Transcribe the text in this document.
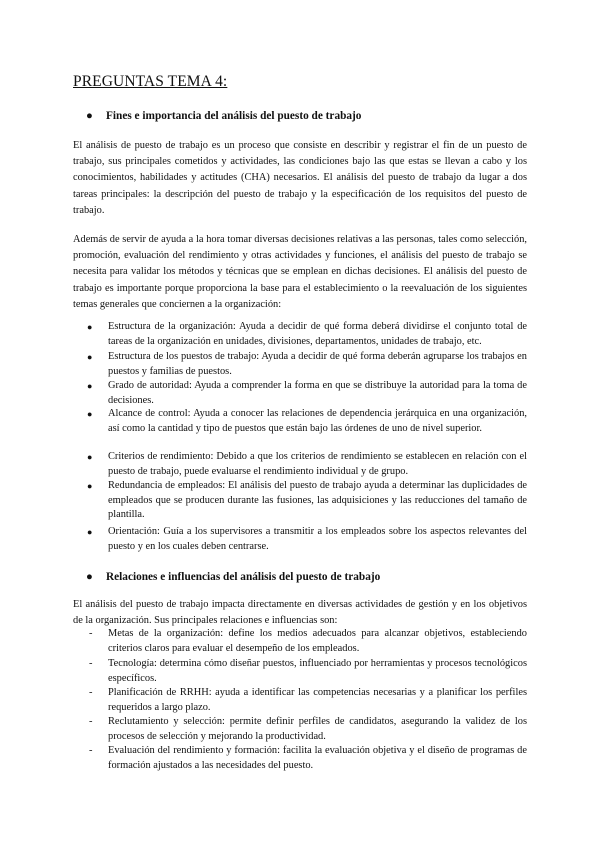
PREGUNTAS TEMA 4:
● Fines e importancia del análisis del puesto de trabajo

El análisis de puesto de trabajo es un proceso que consiste en describir y registrar el fin de un puesto de trabajo, sus principales cometidos y actividades, las condiciones bajo las que estas se llevan a cabo y los conocimientos, habilidades y actitudes (CHA) necesarios. El análisis del puesto de trabajo da lugar a dos tareas principales: la descripción del puesto de trabajo y la especificación de los requisitos del puesto de trabajo.

Además de servir de ayuda a la hora tomar diversas decisiones relativas a las personas, tales como selección, promoción, evaluación del rendimiento y otras actividades y funciones, el análisis del puesto de trabajo se necesita para validar los métodos y técnicas que se emplean en dichas decisiones. El análisis del puesto de trabajo es importante porque proporciona la base para el establecimiento o la reevaluación de los siguientes temas generales que conciernen a la organización:

● Estructura de la organización: Ayuda a decidir de qué forma deberá dividirse el conjunto total de tareas de la organización en unidades, divisiones, departamentos, unidades de trabajo, etc.

● Estructura de los puestos de trabajo: Ayuda a decidir de qué forma deberán agruparse los trabajos en puestos y familias de puestos.

● Grado de autoridad: Ayuda a comprender la forma en que se distribuye la autoridad para la toma de decisiones.

● Alcance de control: Ayuda a conocer las relaciones de dependencia jerárquica en una organización, así como la cantidad y tipo de puestos que están bajo las órdenes de uno de nivel superior.

● Criterios de rendimiento: Debido a que los criterios de rendimiento se establecen en relación con el puesto de trabajo, puede evaluarse el rendimiento individual y de grupo.

● Redundancia de empleados: El análisis del puesto de trabajo ayuda a determinar las duplicidades de empleados que se producen durante las fusiones, las adquisiciones y las reducciones del tamaño de plantilla.

● Orientación: Guía a los supervisores a transmitir a los empleados sobre los aspectos relevantes del puesto y en los cuales deben centrarse.

● Relaciones e influencias del análisis del puesto de trabajo

El análisis del puesto de trabajo impacta directamente en diversas actividades de gestión y en los objetivos de la organización. Sus principales relaciones e influencias son:

- Metas de la organización: define los medios adecuados para alcanzar objetivos, estableciendo criterios claros para evaluar el desempeño de los empleados.

- Tecnología: determina cómo diseñar puestos, influenciado por herramientas y procesos tecnológicos específicos.

- Planificación de RRHH: ayuda a identificar las competencias necesarias y a planificar los perfiles requeridos a largo plazo.

- Reclutamiento y selección: permite definir perfiles de candidatos, asegurando la validez de los procesos de selección y mejorando la productividad.

- Evaluación del rendimiento y formación: facilita la evaluación objetiva y el diseño de programas de formación ajustados a las necesidades del puesto.
